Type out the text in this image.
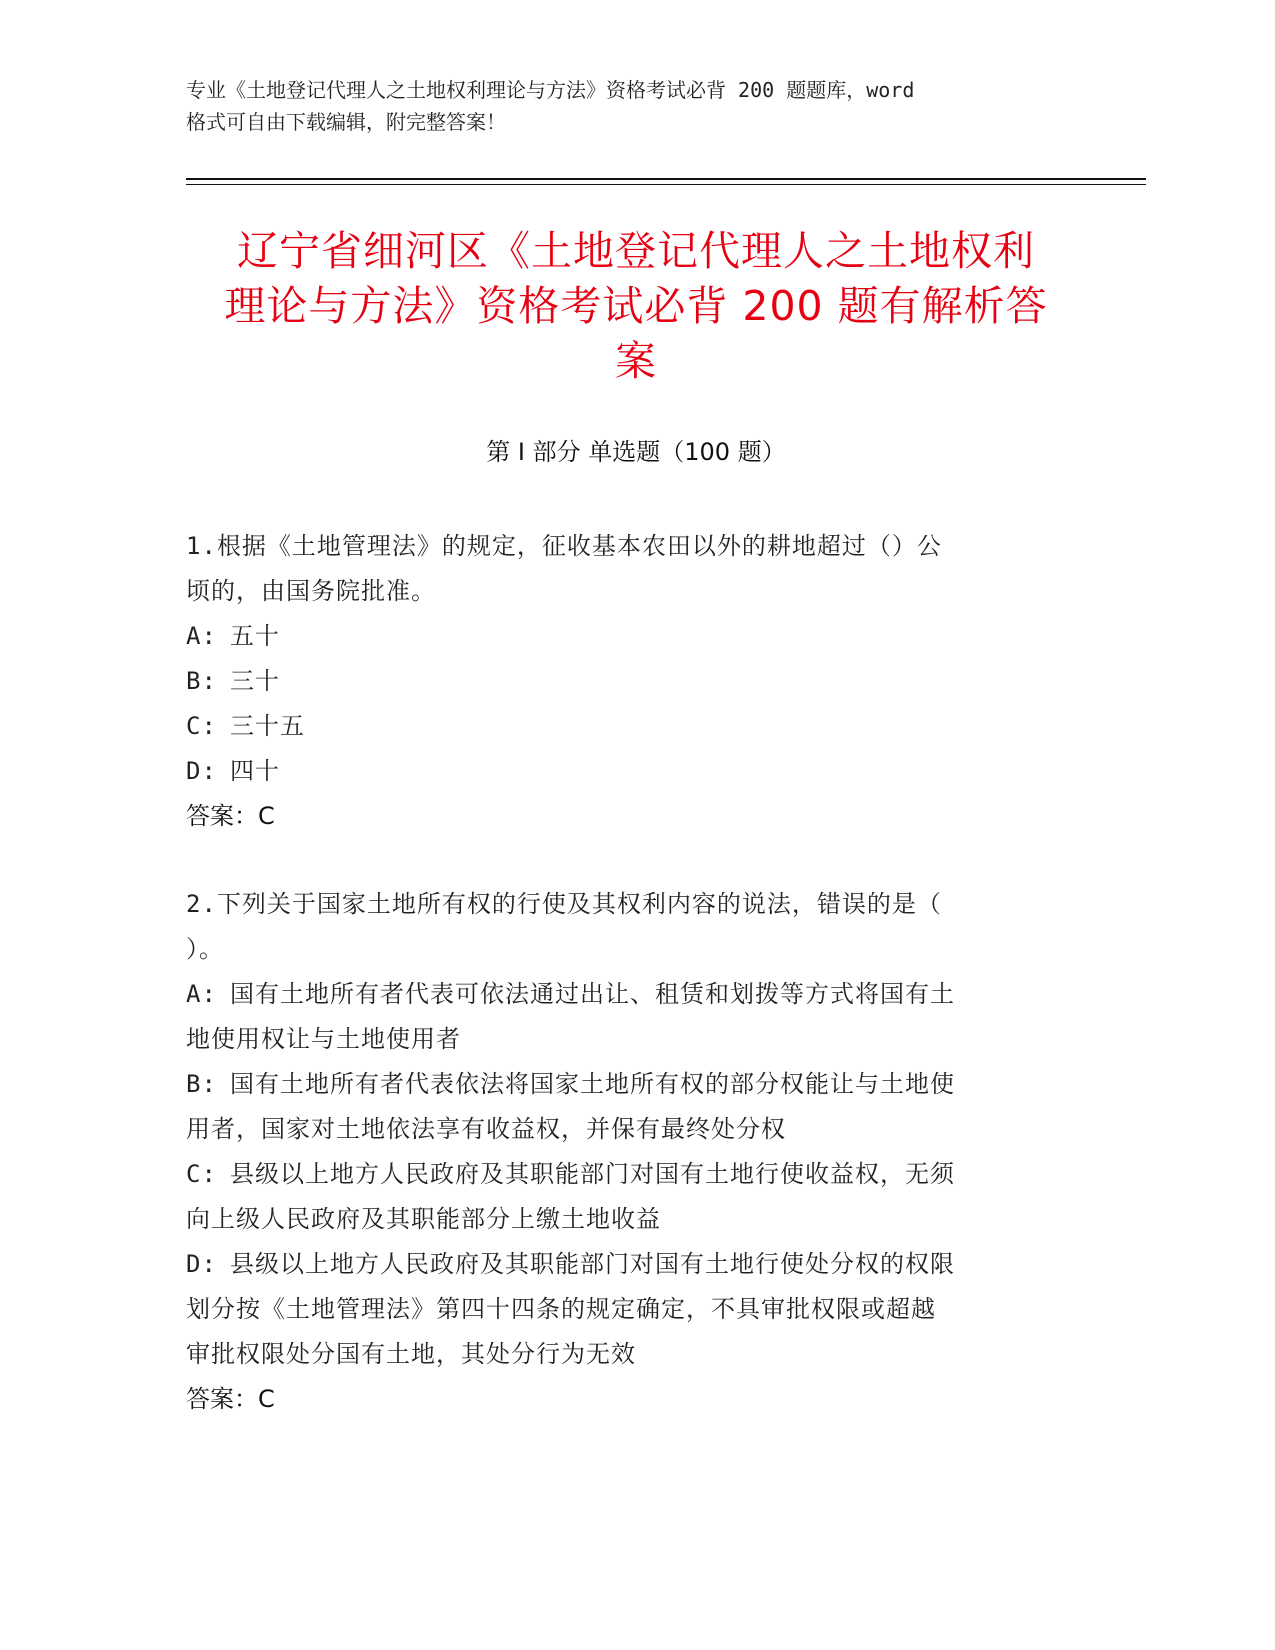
专业《土地登记代理人之土地权利理论与方法》资格考试必背 200 题题库，word
格式可自由下载编辑，附完整答案！
辽宁省细河区《土地登记代理人之土地权利
理论与方法》资格考试必背 200 题有解析答
案
第 I 部分 单选题（100 题）
1.根据《土地管理法》的规定，征收基本农田以外的耕地超过（）公
顷的，由国务院批准。
A: 五十
B: 三十
C: 三十五
D: 四十
答案：C
2.下列关于国家土地所有权的行使及其权利内容的说法，错误的是（
）。
A: 国有土地所有者代表可依法通过出让、租赁和划拨等方式将国有土
地使用权让与土地使用者
B: 国有土地所有者代表依法将国家土地所有权的部分权能让与土地使
用者，国家对土地依法享有收益权，并保有最终处分权
C: 县级以上地方人民政府及其职能部门对国有土地行使收益权，无须
向上级人民政府及其职能部分上缴土地收益
D: 县级以上地方人民政府及其职能部门对国有土地行使处分权的权限
划分按《土地管理法》第四十四条的规定确定，不具审批权限或超越
审批权限处分国有土地，其处分行为无效
答案：C
